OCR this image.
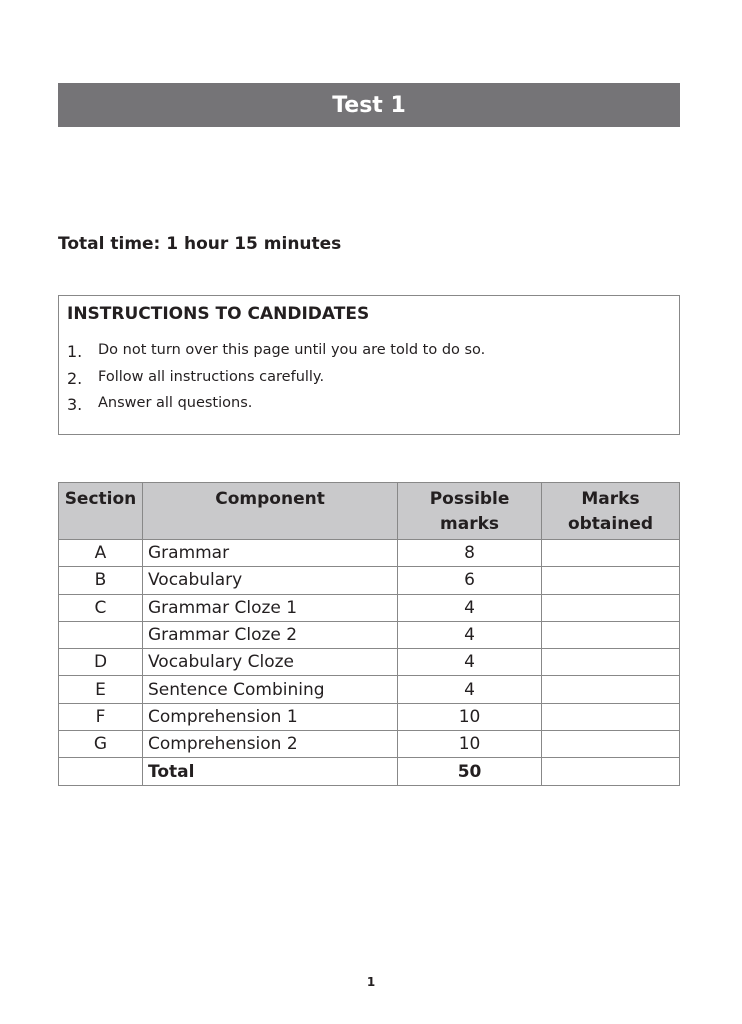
Test 1
Total time: 1 hour 15 minutes
INSTRUCTIONS TO CANDIDATES
1.	Do not turn over this page until you are told to do so.
2.	Follow all instructions carefully.
3.	Answer all questions.
Section	Component	Possible marks	Marks obtained
A	Grammar	8	
B	Vocabulary	6	
C	Grammar Cloze 1	4	
	Grammar Cloze 2	4	
D	Vocabulary Cloze	4	
E	Sentence Combining	4	
F	Comprehension 1	10	
G	Comprehension 2	10	
	Total	50	
1
